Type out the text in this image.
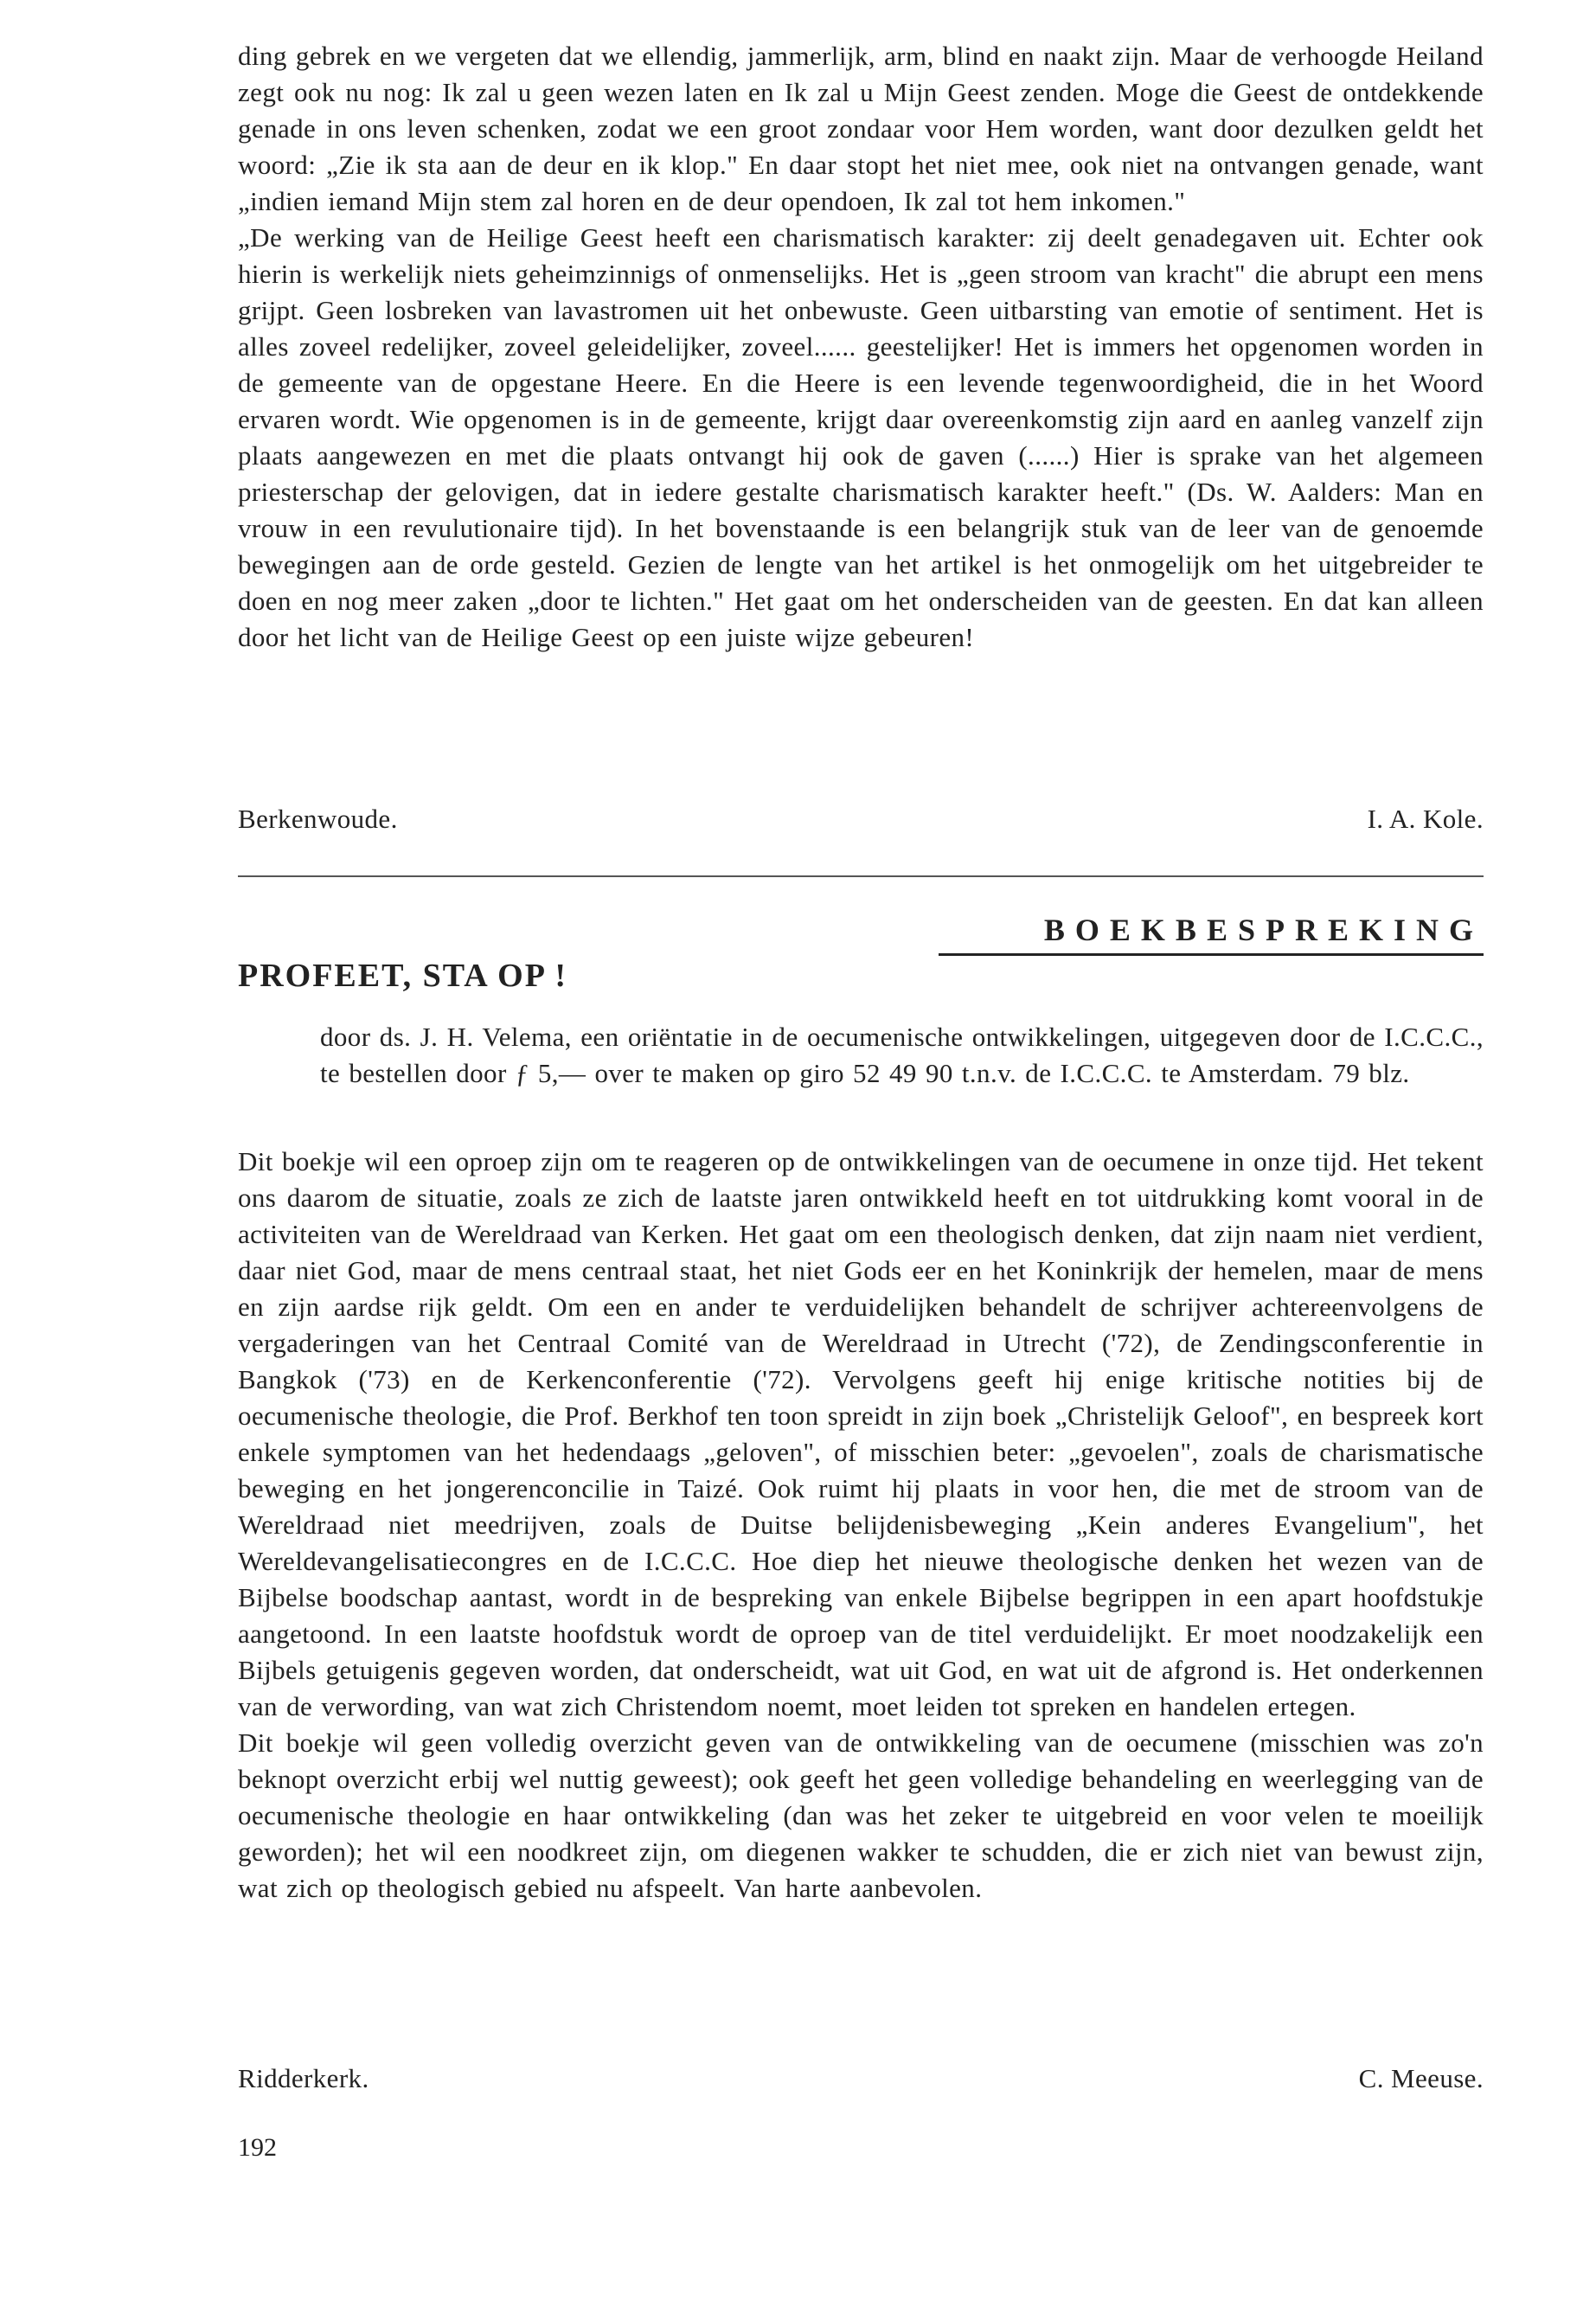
ding gebrek en we vergeten dat we ellendig, jammerlijk, arm, blind en naakt zijn. Maar de verhoogde Heiland zegt ook nu nog: Ik zal u geen wezen laten en Ik zal u Mijn Geest zenden. Moge die Geest de ontdekkende genade in ons leven schenken, zodat we een groot zondaar voor Hem worden, want door dezulken geldt het woord: „Zie ik sta aan de deur en ik klop." En daar stopt het niet mee, ook niet na ontvangen genade, want „indien iemand Mijn stem zal horen en de deur opendoen, Ik zal tot hem inkomen."

„De werking van de Heilige Geest heeft een charismatisch karakter: zij deelt genadegaven uit. Echter ook hierin is werkelijk niets geheimzinnigs of onmenselijks. Het is „geen stroom van kracht" die abrupt een mens grijpt. Geen losbreken van lavastromen uit het onbewuste. Geen uitbarsting van emotie of sentiment. Het is alles zoveel redelijker, zoveel geleidelijker, zoveel...... geestelijker! Het is immers het opgenomen worden in de gemeente van de opgestane Heere. En die Heere is een levende tegenwoordigheid, die in het Woord ervaren wordt. Wie opgenomen is in de gemeente, krijgt daar overeenkomstig zijn aard en aanleg vanzelf zijn plaats aangewezen en met die plaats ontvangt hij ook de gaven (......) Hier is sprake van het algemeen priesterschap der gelovigen, dat in iedere gestalte charismatisch karakter heeft." (Ds. W. Aalders: Man en vrouw in een revulutionaire tijd). In het bovenstaande is een belangrijk stuk van de leer van de genoemde bewegingen aan de orde gesteld. Gezien de lengte van het artikel is het onmogelijk om het uitgebreider te doen en nog meer zaken „door te lichten." Het gaat om het onderscheiden van de geesten. En dat kan alleen door het licht van de Heilige Geest op een juiste wijze gebeuren!

Berkenwoude.	I. A. Kole.
BOEKBESPREKING
PROFEET, STA OP !

door ds. J. H. Velema, een oriëntatie in de oecumenische ontwikkelingen, uitgegeven door de I.C.C.C., te bestellen door ƒ 5,— over te maken op giro 52 49 90 t.n.v. de I.C.C.C. te Amsterdam. 79 blz.

Dit boekje wil een oproep zijn om te reageren op de ontwikkelingen van de oecumene in onze tijd. Het tekent ons daarom de situatie, zoals ze zich de laatste jaren ontwikkeld heeft en tot uitdrukking komt vooral in de activiteiten van de Wereldraad van Kerken. Het gaat om een theologisch denken, dat zijn naam niet verdient, daar niet God, maar de mens centraal staat, het niet Gods eer en het Koninkrijk der hemelen, maar de mens en zijn aardse rijk geldt. Om een en ander te verduidelijken behandelt de schrijver achtereenvolgens de vergaderingen van het Centraal Comité van de Wereldraad in Utrecht ('72), de Zendingsconferentie in Bangkok ('73) en de Kerkenconferentie ('72). Vervolgens geeft hij enige kritische notities bij de oecumenische theologie, die Prof. Berkhof ten toon spreidt in zijn boek „Christelijk Geloof", en bespreek kort enkele symptomen van het hedendaags „geloven", of misschien beter: „gevoelen", zoals de charismatische beweging en het jongerenconcilie in Taizé. Ook ruimt hij plaats in voor hen, die met de stroom van de Wereldraad niet meedrijven, zoals de Duitse belijdenisbeweging „Kein anderes Evangelium", het Wereldevangelisatiecongres en de I.C.C.C. Hoe diep het nieuwe theologische denken het wezen van de Bijbelse boodschap aantast, wordt in de bespreking van enkele Bijbelse begrippen in een apart hoofdstukje aangetoond. In een laatste hoofdstuk wordt de oproep van de titel verduidelijkt. Er moet noodzakelijk een Bijbels getuigenis gegeven worden, dat onderscheidt, wat uit God, en wat uit de afgrond is. Het onderkennen van de verwording, van wat zich Christendom noemt, moet leiden tot spreken en handelen ertegen.

Dit boekje wil geen volledig overzicht geven van de ontwikkeling van de oecumene (misschien was zo'n beknopt overzicht erbij wel nuttig geweest); ook geeft het geen volledige behandeling en weerlegging van de oecumenische theologie en haar ontwikkeling (dan was het zeker te uitgebreid en voor velen te moeilijk geworden); het wil een noodkreet zijn, om diegenen wakker te schudden, die er zich niet van bewust zijn, wat zich op theologisch gebied nu afspeelt. Van harte aanbevolen.

Ridderkerk.	C. Meeuse.
192
